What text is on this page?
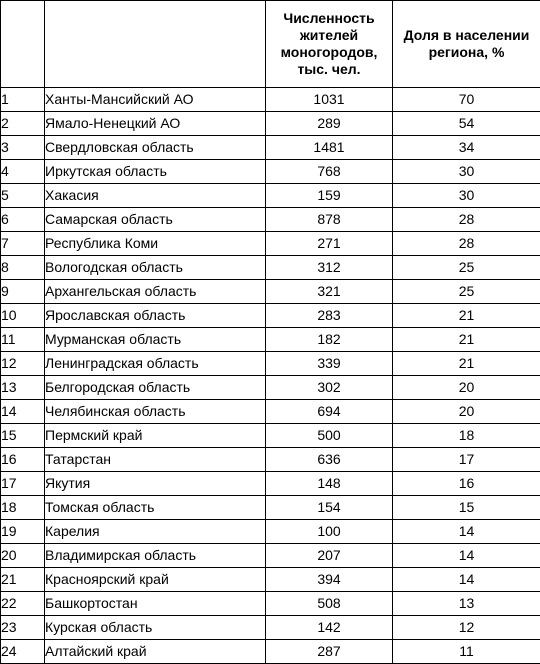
		Численность жителей моногородов, тыс. чел.	Доля в населении региона, %
1	Ханты-Мансийский АО	1031	70
2	Ямало-Ненецкий АО	289	54
3	Свердловская область	1481	34
4	Иркутская область	768	30
5	Хакасия	159	30
6	Самарская область	878	28
7	Республика Коми	271	28
8	Вологодская область	312	25
9	Архангельская область	321	25
10	Ярославская область	283	21
11	Мурманская область	182	21
12	Ленинградская область	339	21
13	Белгородская область	302	20
14	Челябинская область	694	20
15	Пермский край	500	18
16	Татарстан	636	17
17	Якутия	148	16
18	Томская область	154	15
19	Карелия	100	14
20	Владимирская область	207	14
21	Красноярский край	394	14
22	Башкортостан	508	13
23	Курская область	142	12
24	Алтайский край	287	11
